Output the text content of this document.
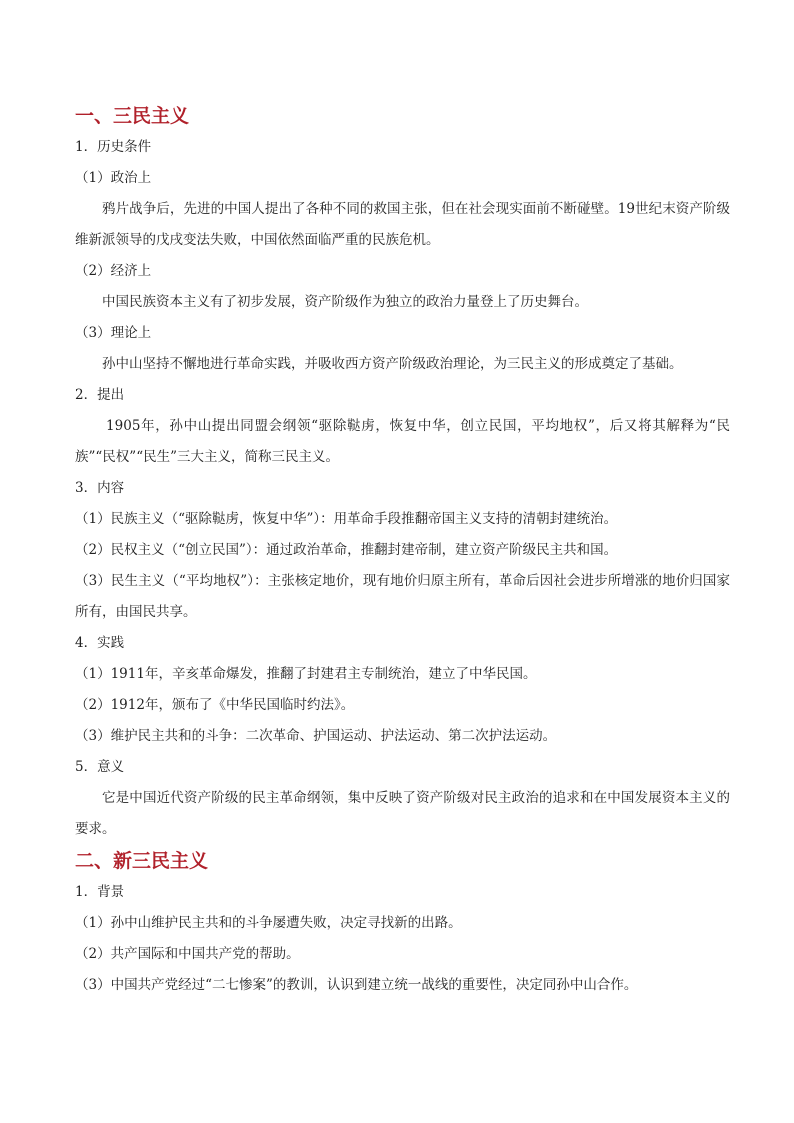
一、三民主义
1．历史条件
（1）政治上
鸦片战争后，先进的中国人提出了各种不同的救国主张，但在社会现实面前不断碰壁。19世纪末资产阶级维新派领导的戊戌变法失败，中国依然面临严重的民族危机。
（2）经济上
中国民族资本主义有了初步发展，资产阶级作为独立的政治力量登上了历史舞台。
（3）理论上
孙中山坚持不懈地进行革命实践，并吸收西方资产阶级政治理论，为三民主义的形成奠定了基础。
2．提出
1905年，孙中山提出同盟会纲领“驱除鞑虏，恢复中华，创立民国，平均地权”，后又将其解释为“民族”“民权”“民生”三大主义，简称三民主义。
3．内容
（1）民族主义（“驱除鞑虏，恢复中华”）：用革命手段推翻帝国主义支持的清朝封建统治。
（2）民权主义（“创立民国”）：通过政治革命，推翻封建帝制，建立资产阶级民主共和国。
（3）民生主义（“平均地权”）：主张核定地价，现有地价归原主所有，革命后因社会进步所增涨的地价归国家所有，由国民共享。
4．实践
（1）1911年，辛亥革命爆发，推翻了封建君主专制统治，建立了中华民国。
（2）1912年，颁布了《中华民国临时约法》。
（3）维护民主共和的斗争：二次革命、护国运动、护法运动、第二次护法运动。
5．意义
它是中国近代资产阶级的民主革命纲领，集中反映了资产阶级对民主政治的追求和在中国发展资本主义的要求。
二、新三民主义
1．背景
（1）孙中山维护民主共和的斗争屡遭失败，决定寻找新的出路。
（2）共产国际和中国共产党的帮助。
（3）中国共产党经过“二七惨案”的教训，认识到建立统一战线的重要性，决定同孙中山合作。
